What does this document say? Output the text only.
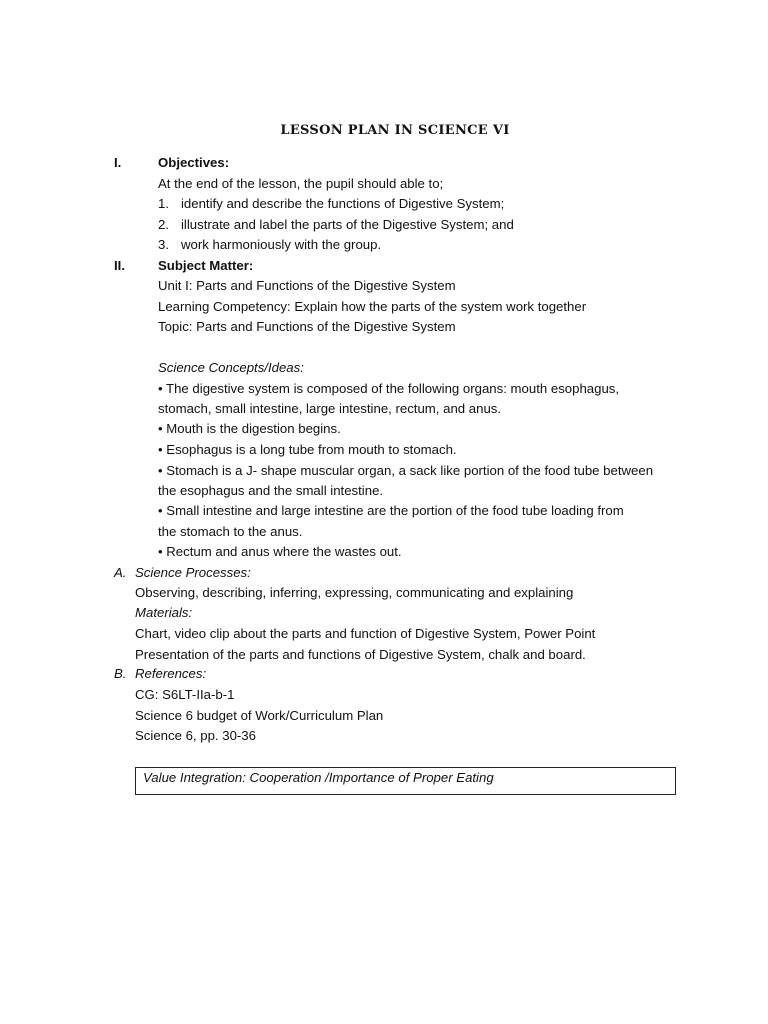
LESSON PLAN IN SCIENCE VI
I.	Objectives:
At the end of the lesson, the pupil should able to;
1. identify and describe the functions of Digestive System;
2. illustrate and label the parts of the Digestive System; and
3. work harmoniously with the group.
II.	Subject Matter:
Unit I: Parts and Functions of the Digestive System
Learning Competency: Explain how the parts of the system work together
Topic: Parts and Functions of the Digestive System
Science Concepts/Ideas:
• The digestive system is composed of the following organs: mouth esophagus,
stomach, small intestine, large intestine, rectum, and anus.
• Mouth is the digestion begins.
• Esophagus is a long tube from mouth to stomach.
• Stomach is a J- shape muscular organ, a sack like portion of the food tube between
the esophagus and the small intestine.
• Small intestine and large intestine are the portion of the food tube loading from
the stomach to the anus.
• Rectum and anus where the wastes out.
A. Science Processes:
Observing, describing, inferring, expressing, communicating and explaining
Materials:
Chart, video clip about the parts and function of Digestive System, Power Point
Presentation of the parts and functions of Digestive System, chalk and board.
B. References:
CG: S6LT-IIa-b-1
Science 6 budget of Work/Curriculum Plan
Science 6, pp. 30-36
Value Integration: Cooperation /Importance of Proper Eating
